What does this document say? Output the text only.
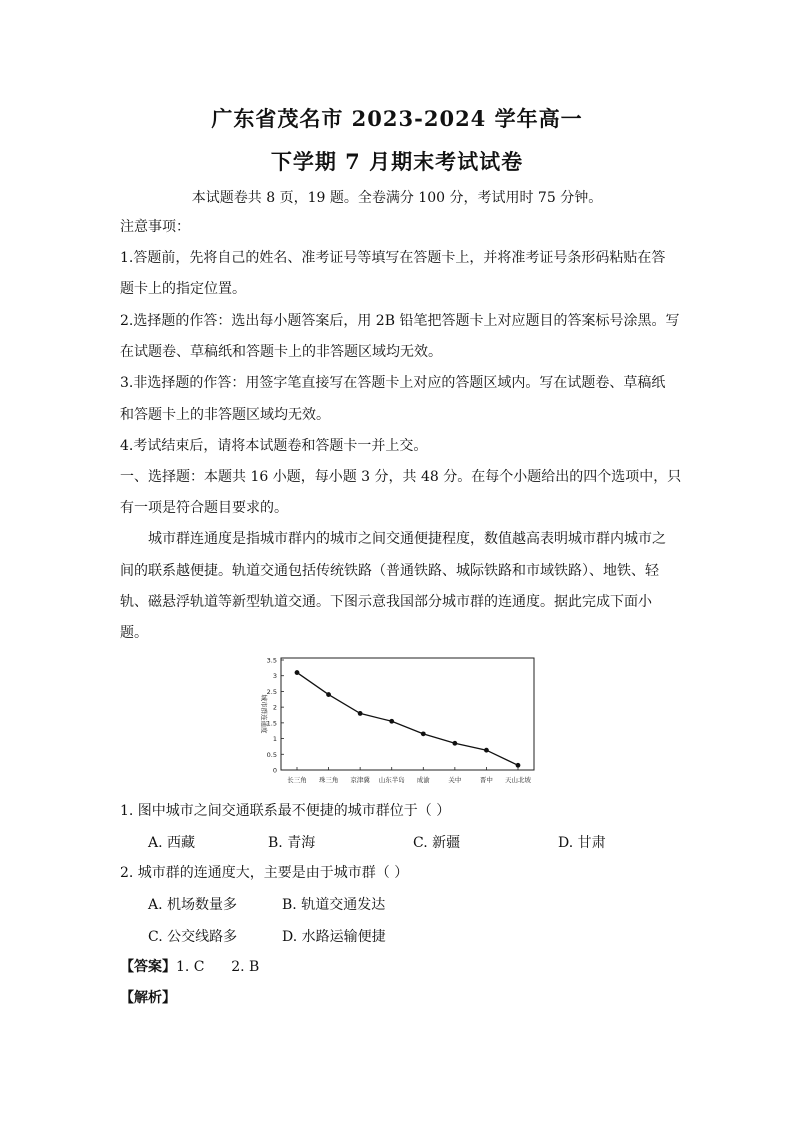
广东省茂名市 2023-2024 学年高一
下学期 7 月期末考试试卷
本试题卷共 8 页，19 题。全卷满分 100 分，考试用时 75 分钟。
注意事项：
1.答题前，先将自己的姓名、准考证号等填写在答题卡上，并将准考证号条形码粘贴在答
题卡上的指定位置。
2.选择题的作答：选出每小题答案后，用 2B 铅笔把答题卡上对应题目的答案标号涂黑。写
在试题卷、草稿纸和答题卡上的非答题区域均无效。
3.非选择题的作答：用签字笔直接写在答题卡上对应的答题区域内。写在试题卷、草稿纸
和答题卡上的非答题区域均无效。
4.考试结束后，请将本试题卷和答题卡一并上交。
一、选择题：本题共 16 小题，每小题 3 分，共 48 分。在每个小题给出的四个选项中，只
有一项是符合题目要求的。
城市群连通度是指城市群内的城市之间交通便捷程度，数值越高表明城市群内城市之
间的联系越便捷。轨道交通包括传统铁路（普通铁路、城际铁路和市域铁路）、地铁、轻
轨、磁悬浮轨道等新型轨道交通。下图示意我国部分城市群的连通度。据此完成下面小
题。
城市群连通度
0
0.5
1
1.5
2
2.5
3
3.5
长三角 珠三角 京津冀 山东半岛 成渝	关中	晋中 天山北坡
1. 图中城市之间交通联系最不便捷的城市群位于（ ）
A. 西藏	B. 青海	C. 新疆	D. 甘肃
2. 城市群的连通度大，主要是由于城市群（ ）
A. 机场数量多	B. 轨道交通发达
C. 公交线路多	D. 水路运输便捷
【答案】1. C      2. B
【解析】
